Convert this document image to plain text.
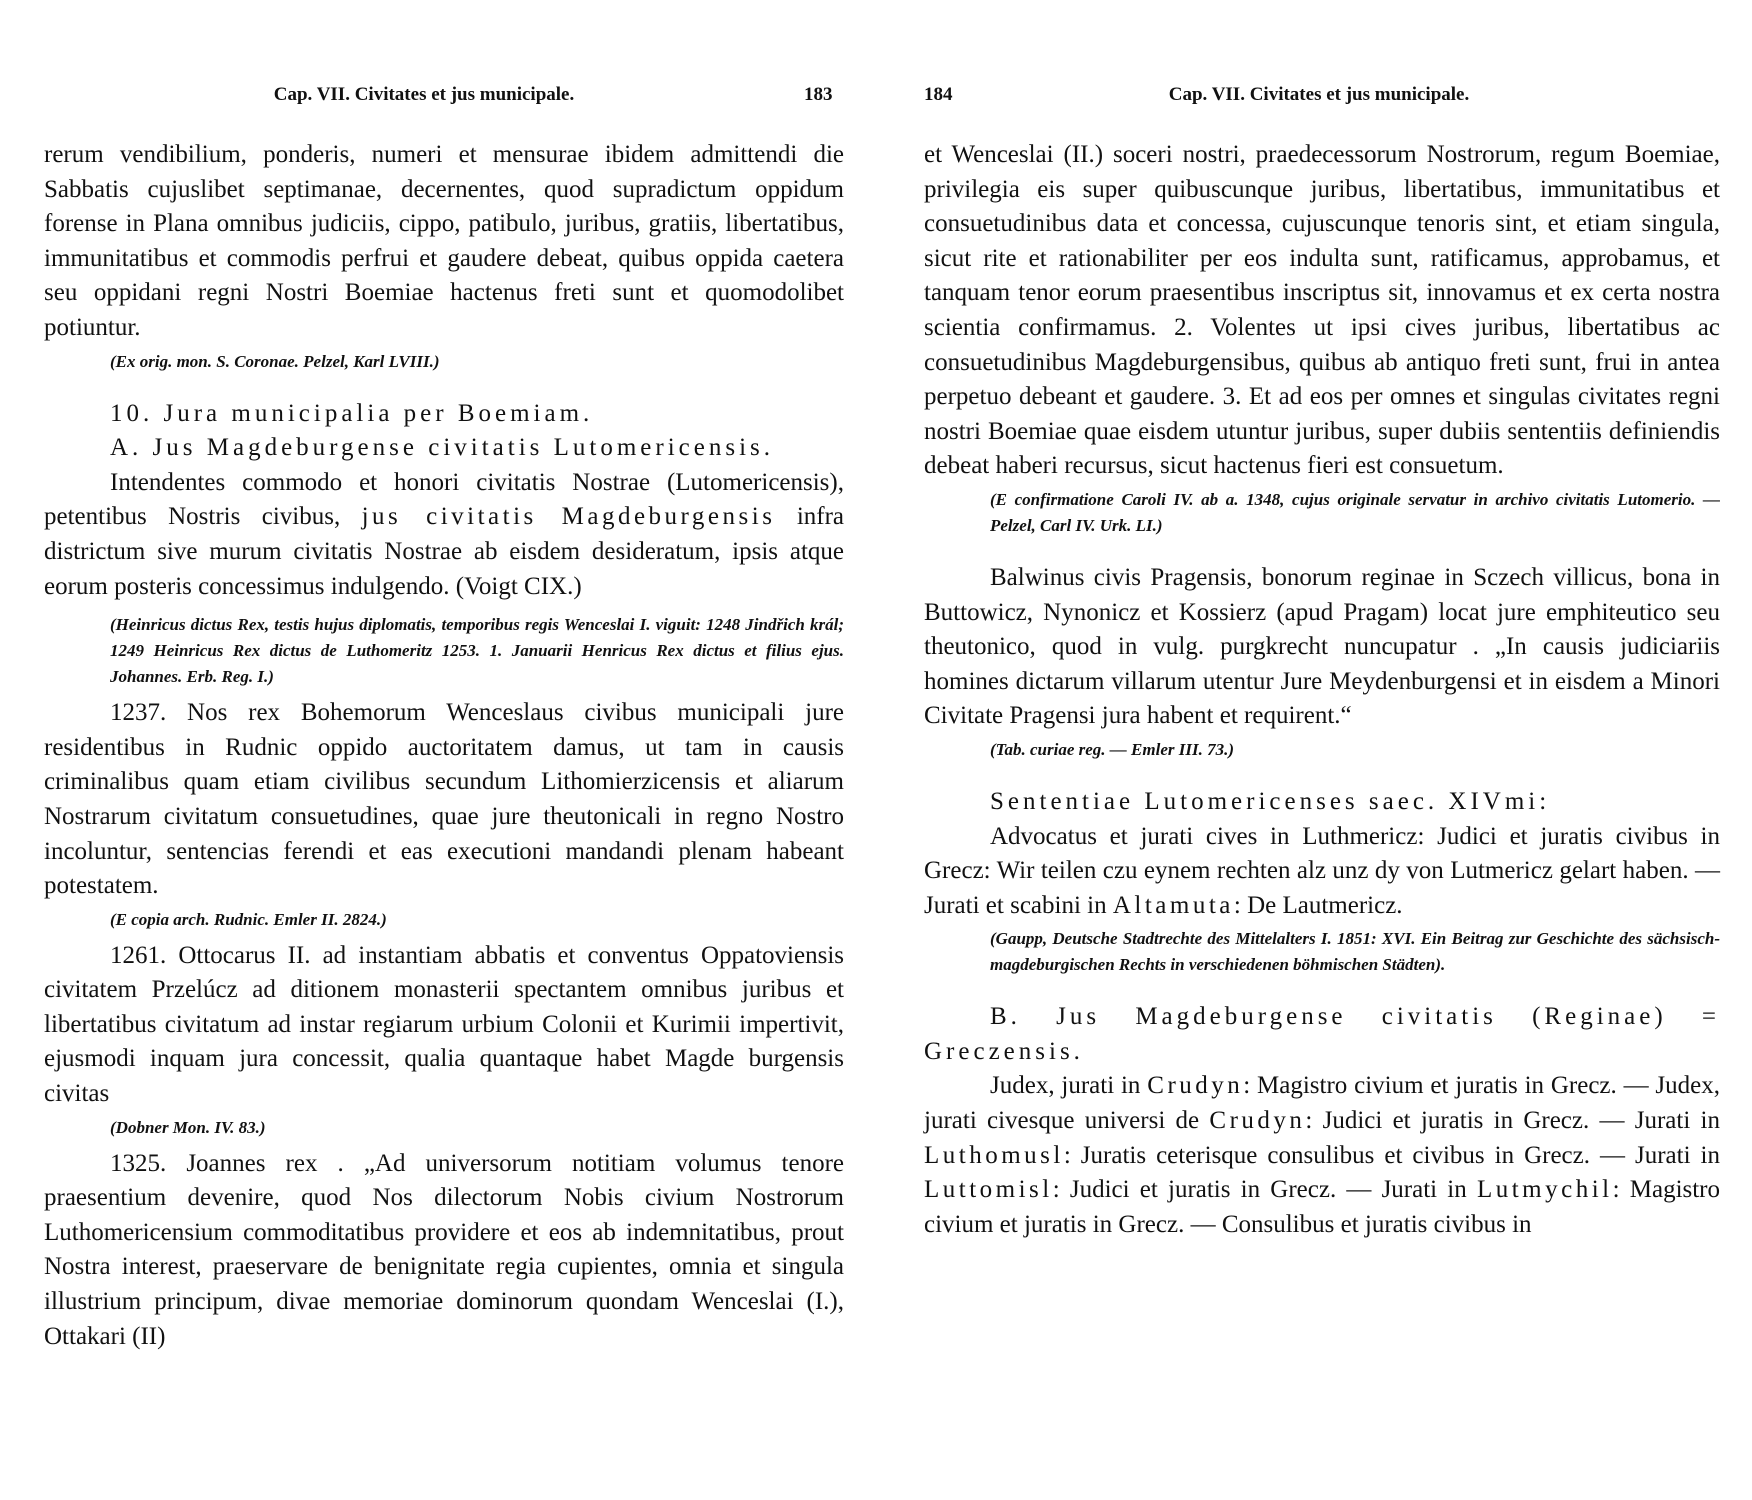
Cap. VII. Civitates et jus municipale.	183

rerum vendibilium, ponderis, numeri et mensurae ibidem admittendi die Sabbatis cujuslibet septimanae, decernentes, quod supradictum oppidum forense in Plana omnibus judiciis, cippo, patibulo, juribus, gratiis, libertatibus, immunitatibus et commodis perfrui et gaudere debeat, quibus oppida caetera seu oppidani regni Nostri Boemiae hactenus freti sunt et quomodolibet potiuntur.

(Ex orig. mon. S. Coronae. Pelzel, Karl LVIII.)

10. Jura municipalia per Boemiam.

A. Jus Magdeburgense civitatis Lutomericensis.

Intendentes commodo et honori civitatis Nostrae (Lutomericensis), petentibus Nostris civibus, jus civitatis Magdeburgensis infra districtum sive murum civitatis Nostrae ab eisdem desideratum, ipsis atque eorum posteris concessimus indulgendo. (Voigt CIX.)

(Heinricus dictus Rex, testis hujus diplomatis, temporibus regis Wenceslai I. viguit: 1248 Jindřich král; 1249 Heinricus Rex dictus de Luthomeritz 1253. 1. Januarii Henricus Rex dictus et filius ejus. Johannes. Erb. Reg. I.)

1237. Nos rex Bohemorum Wenceslaus civibus municipali jure residentibus in Rudnic oppido auctoritatem damus, ut tam in causis criminalibus quam etiam civilibus secundum Lithomierzicensis et aliarum Nostrarum civitatum consuetudines, quae jure theutonicali in regno Nostro incoluntur, sentencias ferendi et eas executioni mandandi plenam habeant potestatem.

(E copia arch. Rudnic. Emler II. 2824.)

1261. Ottocarus II. ad instantiam abbatis et conventus Oppatoviensis civitatem Przelúcz ad ditionem monasterii spectantem omnibus juribus et libertatibus civitatum ad instar regiarum urbium Colonii et Kurimii impertivit, ejusmodi inquam jura concessit, qualia quantaque habet Magde burgensis civitas

(Dobner Mon. IV. 83.)

1325. Joannes rex . „Ad universorum notitiam volumus tenore praesentium devenire, quod Nos dilectorum Nobis civium Nostrorum Luthomericensium commoditatibus providere et eos ab indemnitatibus, prout Nostra interest, praeservare de benignitate regia cupientes, omnia et singula illustrium principum, divae memoriae dominorum quondam Wenceslai (I.), Ottakari (II)

184	Cap. VII. Civitates et jus municipale.

et Wenceslai (II.) soceri nostri, praedecessorum Nostrorum, regum Boemiae, privilegia eis super quibuscunque juribus, libertatibus, immunitatibus et consuetudinibus data et concessa, cujuscunque tenoris sint, et etiam singula, sicut rite et rationabiliter per eos indulta sunt, ratificamus, approbamus, et tanquam tenor eorum praesentibus inscriptus sit, innovamus et ex certa nostra scientia confirmamus. 2. Volentes ut ipsi cives juribus, libertatibus ac consuetudinibus Magdeburgensibus, quibus ab antiquo freti sunt, frui in antea perpetuo debeant et gaudere. 3. Et ad eos per omnes et singulas civitates regni nostri Boemiae quae eisdem utuntur juribus, super dubiis sententiis definiendis debeat haberi recursus, sicut hactenus fieri est consuetum.

(E confirmatione Caroli IV. ab a. 1348, cujus originale servatur in archivo civitatis Lutomerio. — Pelzel, Carl IV. Urk. LI.)

Balwinus civis Pragensis, bonorum reginae in Sczech villicus, bona in Buttowicz, Nynonicz et Kossierz (apud Pragam) locat jure emphiteutico seu theutonico, quod in vulg. purgkrecht nuncupatur . „In causis judiciariis homines dictarum villarum utentur Jure Meydenburgensi et in eisdem a Minori Civitate Pragensi jura habent et requirent.“

(Tab. curiae reg. — Emler III. 73.)

Sententiae Lutomericenses saec. XIVmi:

Advocatus et jurati cives in Luthmericz: Judici et juratis civibus in Grecz: Wir teilen czu eynem rechten alz unz dy von Lutmericz gelart haben. — Jurati et scabini in Altamuta: De Lautmericz.

(Gaupp, Deutsche Stadtrechte des Mittelalters I. 1851: XVI. Ein Beitrag zur Geschichte des sächsisch- magdeburgischen Rechts in verschiedenen böhmischen Städten).

B. Jus Magdeburgense civitatis (Reginae) = Greczensis.

Judex, jurati in Crudyn: Magistro civium et juratis in Grecz. — Judex, jurati civesque universi de Crudyn: Judici et juratis in Grecz. — Jurati in Luthomusl: Juratis ceterisque consulibus et civibus in Grecz. — Jurati in Luttomisl: Judici et juratis in Grecz. — Jurati in Lutmychil: Magistro civium et juratis in Grecz. — Consulibus et juratis civibus in
